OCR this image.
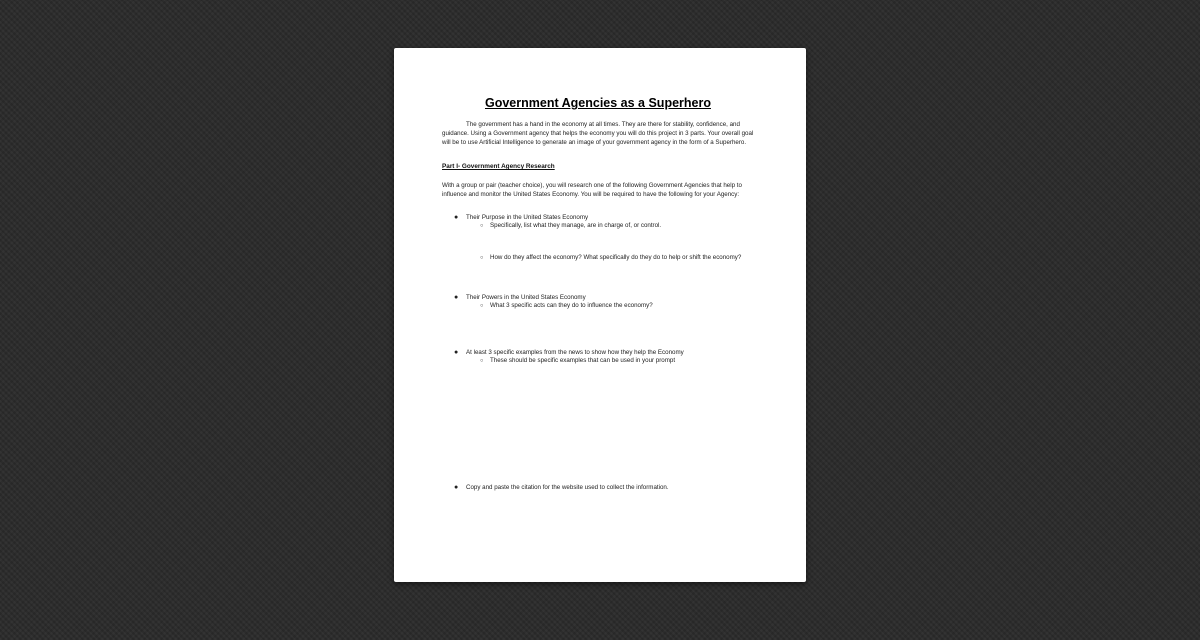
Government Agencies as a Superhero
The government has a hand in the economy at all times. They are there for stability, confidence, and guidance. Using a Government agency that helps the economy you will do this project in 3 parts. Your overall goal will be to use Artificial Intelligence to generate an image of your government agency in the form of a Superhero.
Part I- Government Agency Research
With a group or pair (teacher choice), you will research one of the following Government Agencies that help to influence and monitor the United States Economy. You will be required to have the following for your Agency:
● Their Purpose in the United States Economy
○ Specifically, list what they manage, are in charge of, or control.
○ How do they affect the economy? What specifically do they do to help or shift the economy?
● Their Powers in the United States Economy
○ What 3 specific acts can they do to influence the economy?
● At least 3 specific examples from the news to show how they help the Economy
○ These should be specific examples that can be used in your prompt
● Copy and paste the citation for the website used to collect the information.
